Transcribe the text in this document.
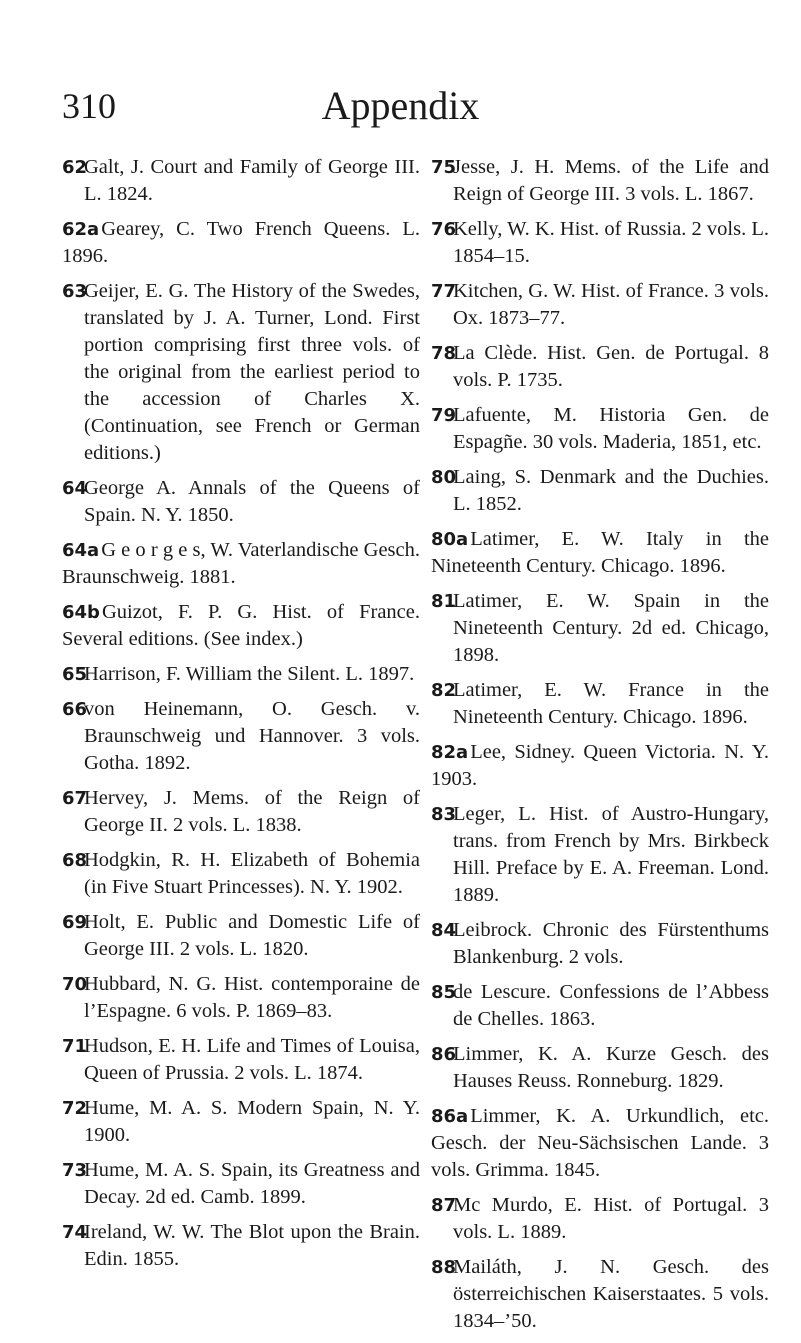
310	Appendix
62
Galt, J. Court and Family of George III. L. 1824.
62aGearey, C. Two French Queens. L. 1896.
63
Geijer, E. G. The History of the Swedes, translated by J. A. Turner, Lond. First portion comprising first three vols. of the original from the earliest period to the accession of Charles X. (Continuation, see French or German editions.)
64
George A. Annals of the Queens of Spain. N. Y. 1850.
64aG e o r g e s, W. Vaterlandische Gesch. Braunschweig. 1881.
64bGuizot, F. P. G. Hist. of France. Several editions. (See index.)
65
Harrison, F. William the Silent. L. 1897.
66
von Heinemann, O. Gesch. v. Braunschweig und Hannover. 3 vols. Gotha. 1892.
67
Hervey, J. Mems. of the Reign of George II. 2 vols. L. 1838.
68
Hodgkin, R. H. Elizabeth of Bohemia (in Five Stuart Princesses). N. Y. 1902.
69
Holt, E. Public and Domestic Life of George III. 2 vols. L. 1820.
70
Hubbard, N. G. Hist. contemporaine de l’Espagne. 6 vols. P. 1869–83.
71
Hudson, E. H. Life and Times of Louisa, Queen of Prussia. 2 vols. L. 1874.
72
Hume, M. A. S. Modern Spain, N. Y. 1900.
73
Hume, M. A. S. Spain, its Greatness and Decay. 2d ed. Camb. 1899.
74
Ireland, W. W. The Blot upon the Brain. Edin. 1855.
75
Jesse, J. H. Mems. of the Life and Reign of George III. 3 vols. L. 1867.
76
Kelly, W. K. Hist. of Russia. 2 vols. L. 1854–15.
77
Kitchen, G. W. Hist. of France. 3 vols. Ox. 1873–77.
78
La Clède. Hist. Gen. de Portugal. 8 vols. P. 1735.
79
Lafuente, M. Historia Gen. de Espagñe. 30 vols. Maderia, 1851, etc.
80
Laing, S. Denmark and the Duchies. L. 1852.
80aLatimer, E. W. Italy in the Nineteenth Century. Chicago. 1896.
81
Latimer, E. W. Spain in the Nineteenth Century. 2d ed. Chicago, 1898.
82
Latimer, E. W. France in the Nineteenth Century. Chicago. 1896.
82aLee, Sidney. Queen Victoria. N. Y. 1903.
83
Leger, L. Hist. of Austro-Hungary, trans. from French by Mrs. Birkbeck Hill. Preface by E. A. Freeman. Lond. 1889.
84
Leibrock. Chronic des Fürstenthums Blankenburg. 2 vols.
85
de Lescure. Confessions de l’Abbess de Chelles. 1863.
86
Limmer, K. A. Kurze Gesch. des Hauses Reuss. Ronneburg. 1829.
86aLimmer, K. A. Urkundlich, etc. Gesch. der Neu-Sächsischen Lande. 3 vols. Grimma. 1845.
87
Mc Murdo, E. Hist. of Portugal. 3 vols. L. 1889.
88
Mailáth, J. N. Gesch. des österreichischen Kaiserstaates. 5 vols. 1834–’50.
